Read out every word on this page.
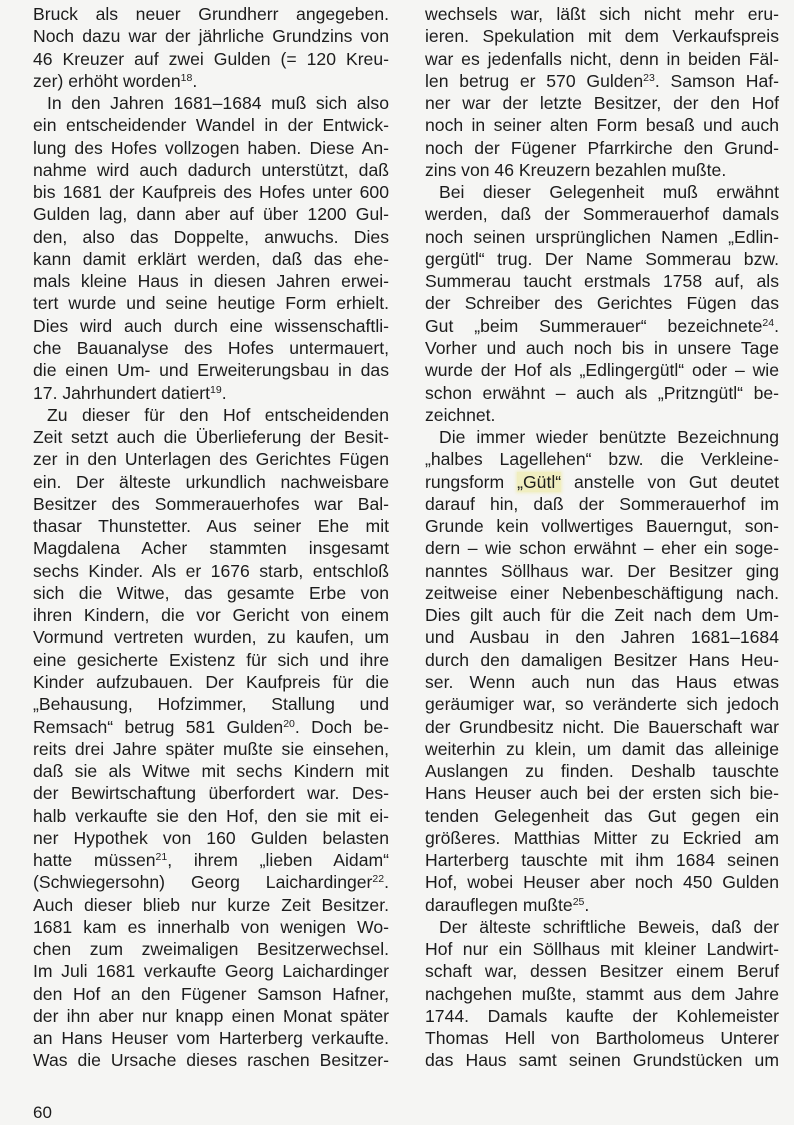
Bruck als neuer Grundherr angegeben.
Noch dazu war der jährliche Grundzins von
46 Kreuzer auf zwei Gulden (= 120 Kreu-
zer) erhöht worden$^{18}$.
In den Jahren 1681–1684 muß sich also
ein entscheidender Wandel in der Entwick-
lung des Hofes vollzogen haben. Diese An-
nahme wird auch dadurch unterstützt, daß
bis 1681 der Kaufpreis des Hofes unter 600
Gulden lag, dann aber auf über 1200 Gul-
den, also das Doppelte, anwuchs. Dies
kann damit erklärt werden, daß das ehe-
mals kleine Haus in diesen Jahren erwei-
tert wurde und seine heutige Form erhielt.
Dies wird auch durch eine wissenschaftli-
che Bauanalyse des Hofes untermauert,
die einen Um- und Erweiterungsbau in das
17. Jahrhundert datiert$^{19}$.
Zu dieser für den Hof entscheidenden
Zeit setzt auch die Überlieferung der Besit-
zer in den Unterlagen des Gerichtes Fügen
ein. Der älteste urkundlich nachweisbare
Besitzer des Sommerauerhofes war Bal-
thasar Thunstetter. Aus seiner Ehe mit
Magdalena Acher stammten insgesamt
sechs Kinder. Als er 1676 starb, entschloß
sich die Witwe, das gesamte Erbe von
ihren Kindern, die vor Gericht von einem
Vormund vertreten wurden, zu kaufen, um
eine gesicherte Existenz für sich und ihre
Kinder aufzubauen. Der Kaufpreis für die
„Behausung, Hofzimmer, Stallung und
Remsach“ betrug 581 Gulden$^{20}$. Doch be-
reits drei Jahre später mußte sie einsehen,
daß sie als Witwe mit sechs Kindern mit
der Bewirtschaftung überfordert war. Des-
halb verkaufte sie den Hof, den sie mit ei-
ner Hypothek von 160 Gulden belasten
hatte müssen$^{21}$, ihrem „lieben Aidam“
(Schwiegersohn) Georg Laichardinger$^{22}$.
Auch dieser blieb nur kurze Zeit Besitzer.
1681 kam es innerhalb von wenigen Wo-
chen zum zweimaligen Besitzerwechsel.
Im Juli 1681 verkaufte Georg Laichardinger
den Hof an den Fügener Samson Hafner,
der ihn aber nur knapp einen Monat später
an Hans Heuser vom Harterberg verkaufte.
Was die Ursache dieses raschen Besitzer-
wechsels war, läßt sich nicht mehr eru-
ieren. Spekulation mit dem Verkaufspreis
war es jedenfalls nicht, denn in beiden Fäl-
len betrug er 570 Gulden$^{23}$. Samson Haf-
ner war der letzte Besitzer, der den Hof
noch in seiner alten Form besaß und auch
noch der Fügener Pfarrkirche den Grund-
zins von 46 Kreuzern bezahlen mußte.
Bei dieser Gelegenheit muß erwähnt
werden, daß der Sommerauerhof damals
noch seinen ursprünglichen Namen „Edlin-
gergütl“ trug. Der Name Sommerau bzw.
Summerau taucht erstmals 1758 auf, als
der Schreiber des Gerichtes Fügen das
Gut „beim Summerauer“ bezeichnete$^{24}$.
Vorher und auch noch bis in unsere Tage
wurde der Hof als „Edlingergütl“ oder – wie
schon erwähnt – auch als „Pritzngütl“ be-
zeichnet.
Die immer wieder benützte Bezeichnung
„halbes Lagellehen“ bzw. die Verkleine-
rungsform „Gütl“ anstelle von Gut deutet
darauf hin, daß der Sommerauerhof im
Grunde kein vollwertiges Bauerngut, son-
dern – wie schon erwähnt – eher ein soge-
nanntes Söllhaus war. Der Besitzer ging
zeitweise einer Nebenbeschäftigung nach.
Dies gilt auch für die Zeit nach dem Um-
und Ausbau in den Jahren 1681–1684
durch den damaligen Besitzer Hans Heu-
ser. Wenn auch nun das Haus etwas
geräumiger war, so veränderte sich jedoch
der Grundbesitz nicht. Die Bauerschaft war
weiterhin zu klein, um damit das alleinige
Auslangen zu finden. Deshalb tauschte
Hans Heuser auch bei der ersten sich bie-
tenden Gelegenheit das Gut gegen ein
größeres. Matthias Mitter zu Eckried am
Harterberg tauschte mit ihm 1684 seinen
Hof, wobei Heuser aber noch 450 Gulden
darauflegen mußte$^{25}$.
Der älteste schriftliche Beweis, daß der
Hof nur ein Söllhaus mit kleiner Landwirt-
schaft war, dessen Besitzer einem Beruf
nachgehen mußte, stammt aus dem Jahre
1744. Damals kaufte der Kohlemeister
Thomas Hell von Bartholomeus Unterer
das Haus samt seinen Grundstücken um
60
